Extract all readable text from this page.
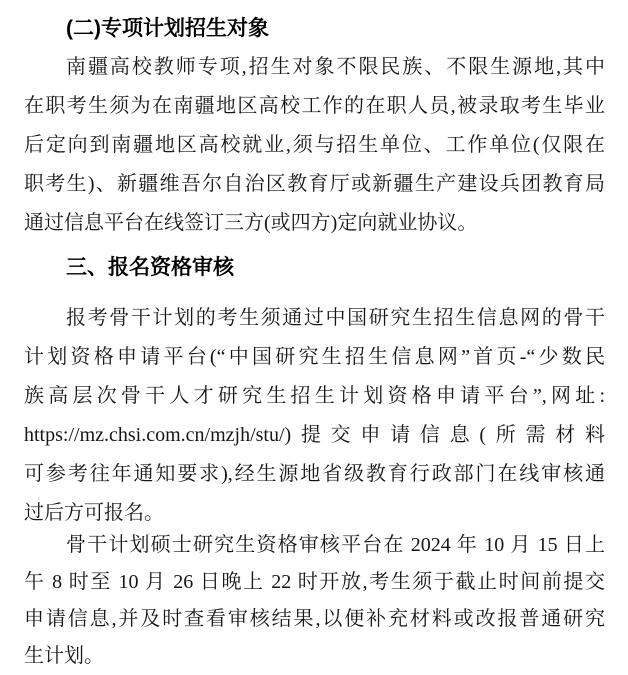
(二)专项计划招生对象
南疆高校教师专项,招生对象不限民族、不限生源地,其中
在职考生须为在南疆地区高校工作的在职人员,被录取考生毕业
后定向到南疆地区高校就业,须与招生单位、工作单位(仅限在
职考生)、新疆维吾尔自治区教育厅或新疆生产建设兵团教育局
通过信息平台在线签订三方(或四方)定向就业协议。
三、报名资格审核
报考骨干计划的考生须通过中国研究生招生信息网的骨干
计划资格申请平台(“中国研究生招生信息网”首页-“少数民
族高层次骨干人才研究生招生计划资格申请平台”,网址:
https://mz.chsi.com.cn/mzjh/stu/)提交申请信息(所需材料
可参考往年通知要求),经生源地省级教育行政部门在线审核通
过后方可报名。
骨干计划硕士研究生资格审核平台在 2024 年 10 月 15 日上
午 8 时至 10 月 26 日晚上 22 时开放,考生须于截止时间前提交
申请信息,并及时查看审核结果,以便补充材料或改报普通研究
生计划。
